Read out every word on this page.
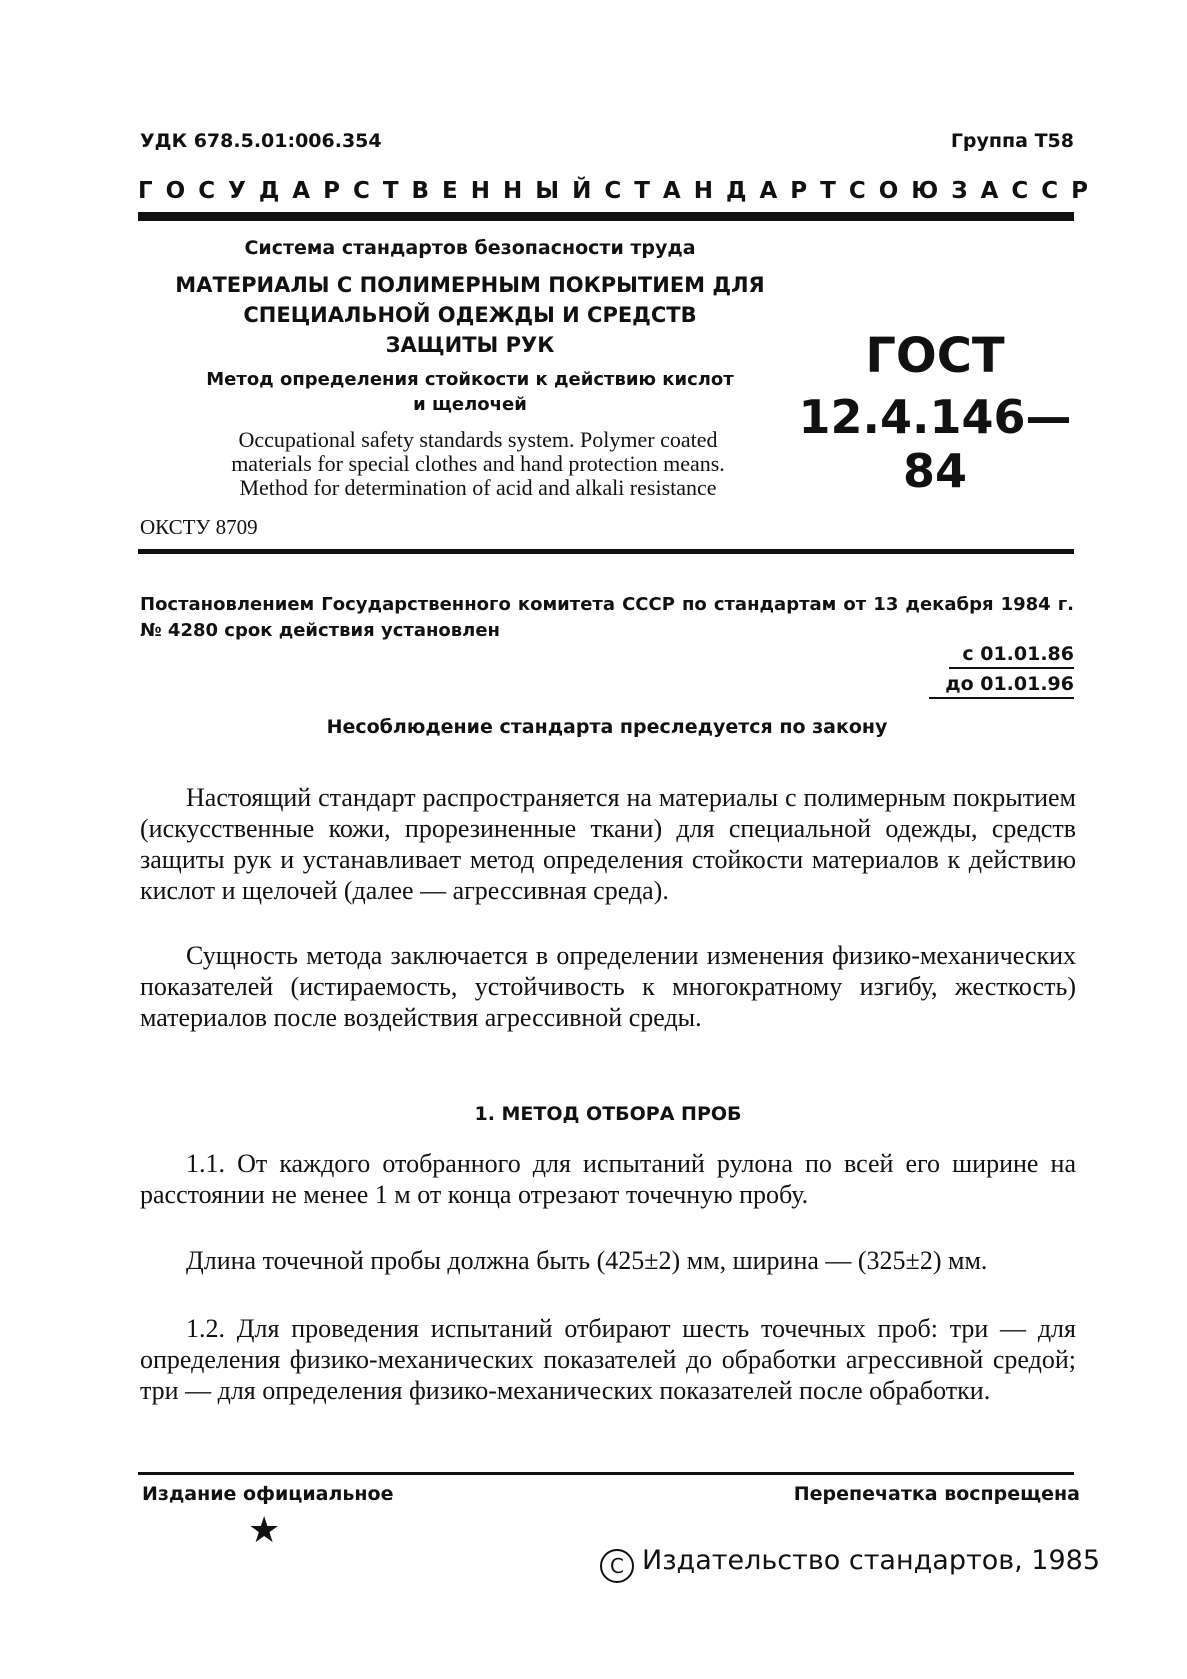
УДК 678.5.01:006.354	Группа Т58
ГОСУДАРСТВЕННЫЙ СТАНДАРТ СОЮЗА ССР
Система стандартов безопасности труда
МАТЕРИАЛЫ С ПОЛИМЕРНЫМ ПОКРЫТИЕМ ДЛЯ
СПЕЦИАЛЬНОЙ ОДЕЖДЫ И СРЕДСТВ
ЗАЩИТЫ РУК
Метод определения стойкости к действию кислот
и щелочей
Occupational safety standards system. Polymer coated
materials for special clothes and hand protection means.
Method for determination of acid and alkali resistance
ОКСТУ 8709
ГОСТ
12.4.146—84
Постановлением Государственного комитета СССР по стандартам от 13 декабря 1984 г. № 4280 срок действия установлен
с 01.01.86
до 01.01.96
Несоблюдение стандарта преследуется по закону

Настоящий стандарт распространяется на материалы с полимерным покрытием (искусственные кожи, прорезиненные ткани) для специальной одежды, средств защиты рук и устанавливает метод определения стойкости материалов к действию кислот и щелочей (далее — агрессивная среда).

Сущность метода заключается в определении изменения физико-механических показателей (истираемость, устойчивость к многократному изгибу, жесткость) материалов после воздействия агрессивной среды.

1. МЕТОД ОТБОРА ПРОБ

1.1. От каждого отобранного для испытаний рулона по всей его ширине на расстоянии не менее 1 м от конца отрезают точечную пробу.

Длина точечной пробы должна быть (425±2) мм, ширина — (325±2) мм.

1.2. Для проведения испытаний отбирают шесть точечных проб: три — для определения физико-механических показателей до обработки агрессивной средой; три — для определения физико-механических показателей после обработки.

Издание официальное	Перепечатка воспрещена
★
C Издательство стандартов, 1985
